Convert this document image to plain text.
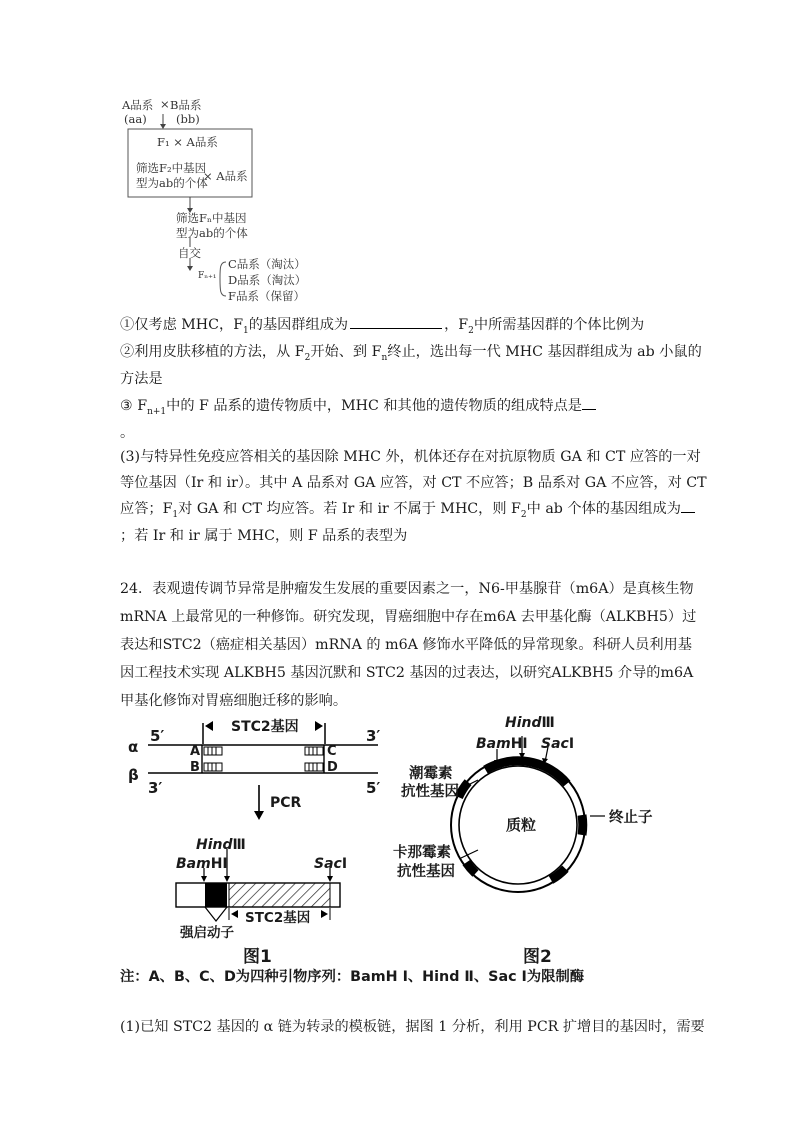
A品系 × B品系
(aa)	(bb)
F₁ × A品系
筛选F₂中基因
型为ab的个体
× A品系
筛选Fₙ中基因
型为ab的个体
自交
Fₙ₊₁
C品系（淘汰）
D品系（淘汰）
F品系（保留）
①仅考虑 MHC，$F_1$的基因群组成为	，$F_2$中所需基因群的个体比例为
②利用皮肤移植的方法，从 $F_2$开始、到 $F_n$终止，选出每一代 MHC 基因群组成为 ab 小鼠的
方法是
③ $F_{n+1}$中的 F 品系的遗传物质中，MHC 和其他的遗传物质的组成特点是
。
(3)与特异性免疫应答相关的基因除 MHC 外，机体还存在对抗原物质 GA 和 CT 应答的一对
等位基因（Ir 和 ir）。其中 A 品系对 GA 应答，对 CT 不应答；B 品系对 GA 不应答，对 CT
应答；$F_1$对 GA 和 CT 均应答。若 Ir 和 ir 不属于 MHC，则 $F_2$中 ab 个体的基因组成为
；若 Ir 和 ir 属于 MHC，则 F 品系的表型为
24．表观遗传调节异常是肿瘤发生发展的重要因素之一，N6-甲基腺苷（m6A）是真核生物
mRNA 上最常见的一种修饰。研究发现，胃癌细胞中存在m6A 去甲基化酶（ALKBH5）过
表达和STC2（癌症相关基因）mRNA 的 m6A 修饰水平降低的异常现象。科研人员利用基
因工程技术实现 ALKBH5 基因沉默和 STC2 基因的过表达，以研究ALKBH5 介导的m6A
甲基化修饰对胃癌细胞迁移的影响。
5′	3′
STC2基因
α
β
A
B
C
D
3′	5′
PCR
HindⅢ
BamHⅠ	SacⅠ
STC2基因
强启动子
图1
HindⅢ
BamHⅠ SacⅠ
潮霉素
抗性基因
质粒	终止子
卡那霉素
抗性基因
图2
注：A、B、C、D为四种引物序列：BamH Ⅰ、Hind Ⅱ、Sac Ⅰ为限制酶
(1)已知 STC2 基因的 α 链为转录的模板链，据图 1 分析，利用 PCR 扩增目的基因时，需要
